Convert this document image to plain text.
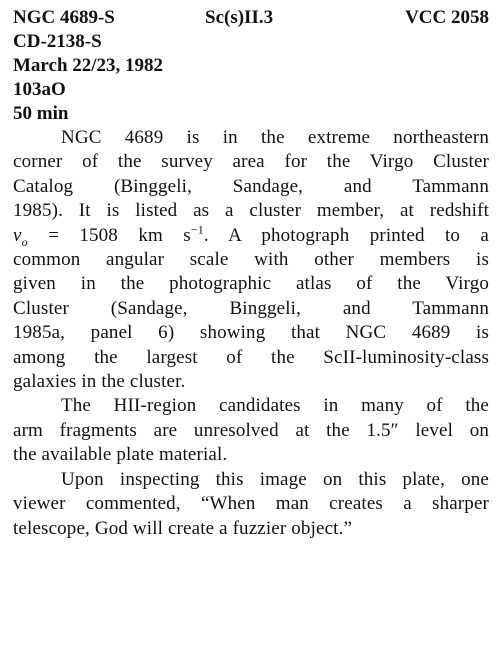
NGC 4689-S	Sc(s)II.3	VCC 2058
CD-2138-S
March 22/23, 1982
103aO
50 min
NGC 4689 is in the extreme northeastern
corner of the survey area for the Virgo Cluster
Catalog (Binggeli, Sandage, and Tammann
1985). It is listed as a cluster member, at redshift
$v_o = 1508$ km $s^{-1}$. A photograph printed to a
common angular scale with other members is
given in the photographic atlas of the Virgo
Cluster (Sandage, Binggeli, and Tammann
1985a, panel 6) showing that NGC 4689 is
among the largest of the ScII-luminosity-class
galaxies in the cluster.
The HII-region candidates in many of the
arm fragments are unresolved at the 1.5″ level on
the available plate material.
Upon inspecting this image on this plate, one
viewer commented, “When man creates a sharper
telescope, God will create a fuzzier object.”
